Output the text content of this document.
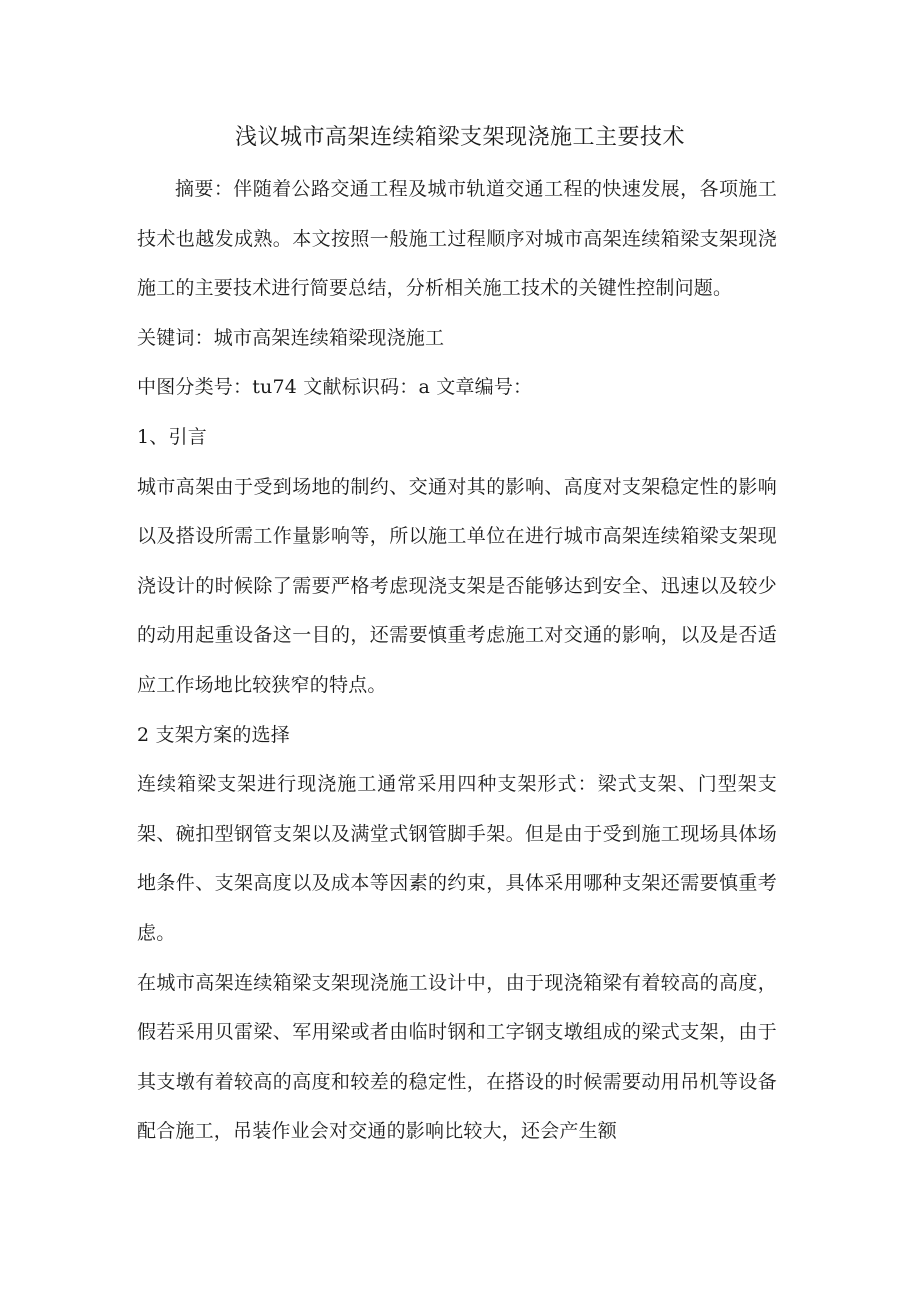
浅议城市高架连续箱梁支架现浇施工主要技术

摘要：伴随着公路交通工程及城市轨道交通工程的快速发展，各项施工技术也越发成熟。本文按照一般施工过程顺序对城市高架连续箱梁支架现浇施工的主要技术进行简要总结，分析相关施工技术的关键性控制问题。

关键词：城市高架连续箱梁现浇施工

中图分类号：tu74 文献标识码：a 文章编号：

1、引言

城市高架由于受到场地的制约、交通对其的影响、高度对支架稳定性的影响以及搭设所需工作量影响等，所以施工单位在进行城市高架连续箱梁支架现浇设计的时候除了需要严格考虑现浇支架是否能够达到安全、迅速以及较少的动用起重设备这一目的，还需要慎重考虑施工对交通的影响，以及是否适应工作场地比较狭窄的特点。

2 支架方案的选择

连续箱梁支架进行现浇施工通常采用四种支架形式：梁式支架、门型架支架、碗扣型钢管支架以及满堂式钢管脚手架。但是由于受到施工现场具体场地条件、支架高度以及成本等因素的约束，具体采用哪种支架还需要慎重考虑。

在城市高架连续箱梁支架现浇施工设计中，由于现浇箱梁有着较高的高度，假若采用贝雷梁、军用梁或者由临时钢和工字钢支墩组成的梁式支架，由于其支墩有着较高的高度和较差的稳定性，在搭设的时候需要动用吊机等设备配合施工，吊装作业会对交通的影响比较大，还会产生额
